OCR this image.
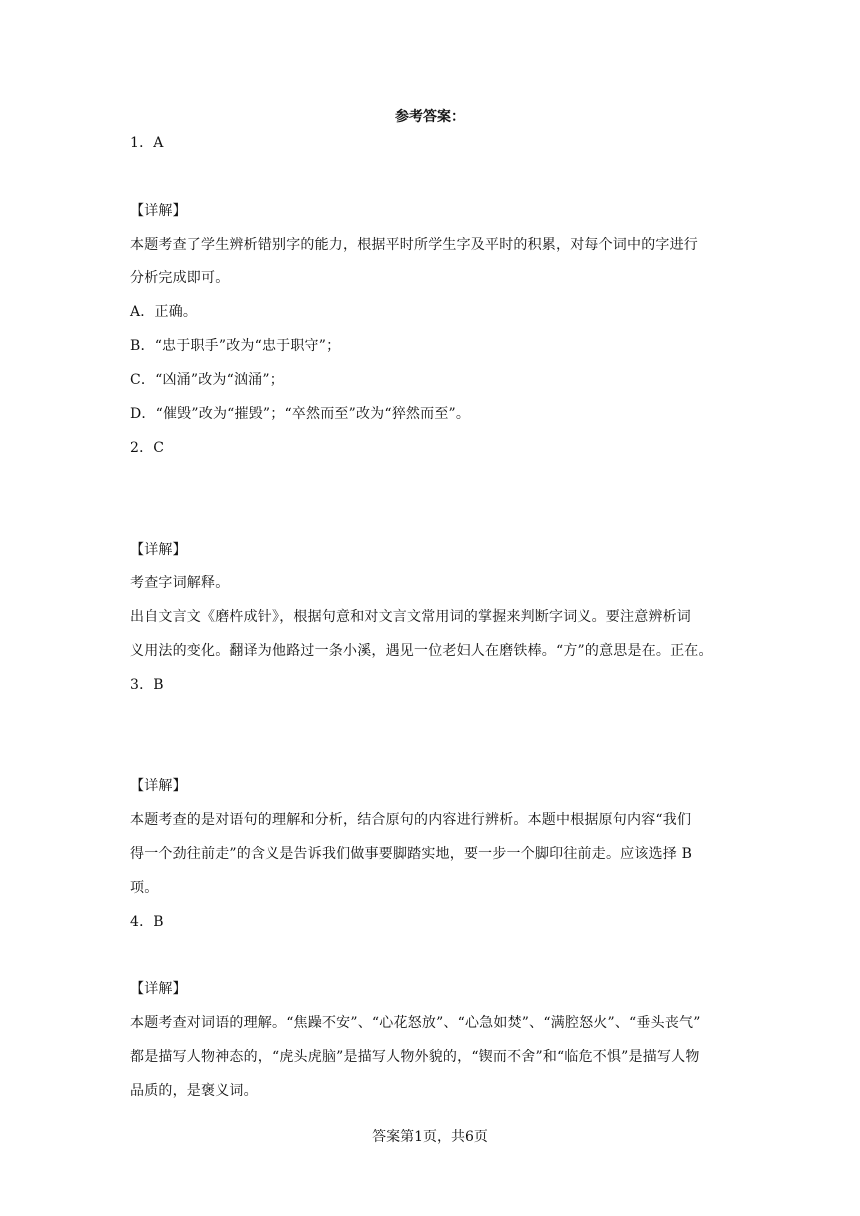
参考答案：
1．A
【详解】
本题考查了学生辨析错别字的能力，根据平时所学生字及平时的积累，对每个词中的字进行
分析完成即可。
A．正确。
B．“忠于职手”改为“忠于职守”；
C．“凶涌”改为“汹涌”；
D．“催毁”改为“摧毁”；“卒然而至”改为“猝然而至”。
2．C
【详解】
考查字词解释。
出自文言文《磨杵成针》，根据句意和对文言文常用词的掌握来判断字词义。要注意辨析词
义用法的变化。翻译为他路过一条小溪，遇见一位老妇人在磨铁棒。“方”的意思是在。正在。
3．B
【详解】
本题考查的是对语句的理解和分析，结合原句的内容进行辨析。本题中根据原句内容“我们
得一个劲往前走”的含义是告诉我们做事要脚踏实地，要一步一个脚印往前走。应该选择 B
项。
4．B
【详解】
本题考查对词语的理解。“焦躁不安”、“心花怒放”、“心急如焚”、“满腔怒火”、“垂头丧气”
都是描写人物神态的，“虎头虎脑”是描写人物外貌的，“锲而不舍”和“临危不惧”是描写人物
品质的，是褒义词。
答案第1页，共6页
